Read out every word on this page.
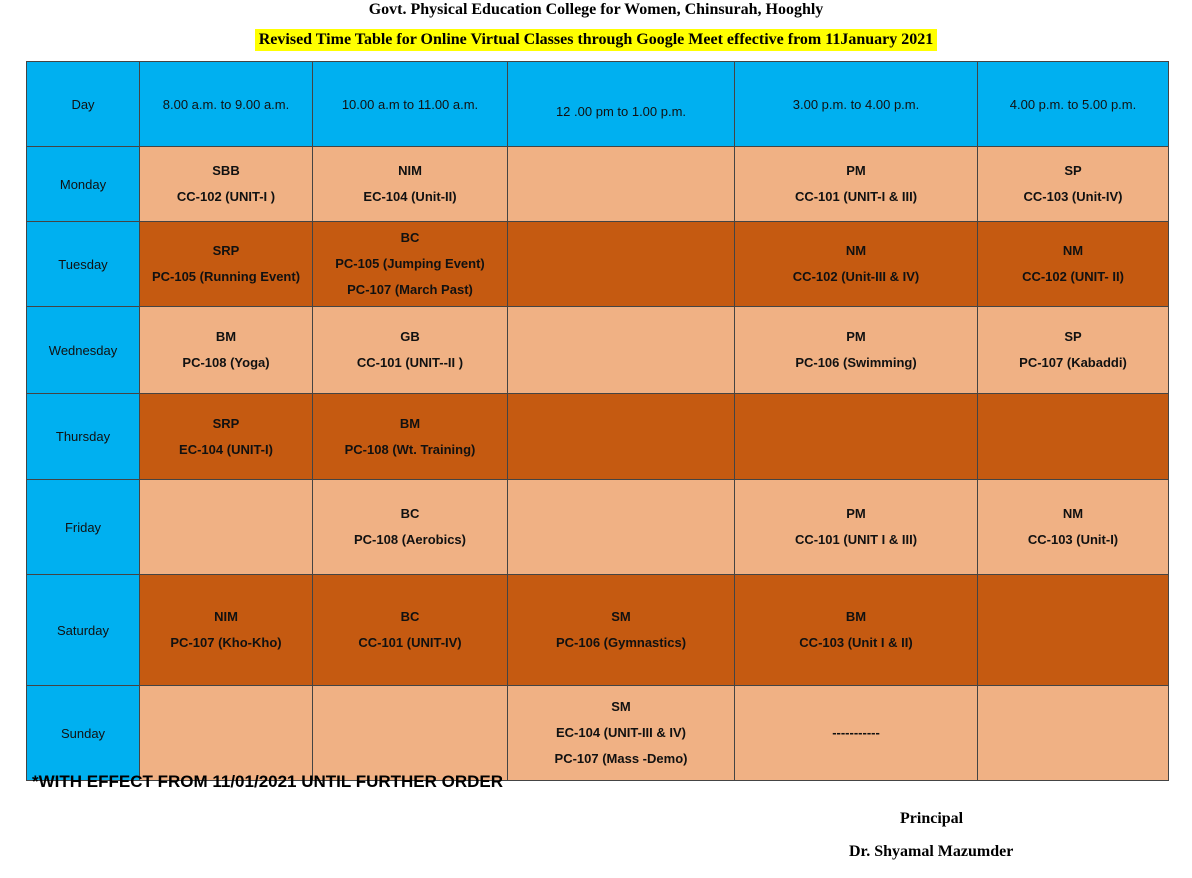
Govt. Physical Education College for Women, Chinsurah, Hooghly
Revised Time Table for Online Virtual Classes through Google Meet effective from 11January 2021
Day	8.00 a.m. to 9.00 a.m.	10.00 a.m to 11.00 a.m.	12 .00 pm to 1.00 p.m.	3.00 p.m. to 4.00 p.m.	4.00 p.m. to 5.00 p.m.
Monday	SBB
CC-102 (UNIT-I )	NIM
EC-104 (Unit-II)		PM
CC-101 (UNIT-I & III)	SP
CC-103 (Unit-IV)

Tuesday	SRP
PC-105 (Running Event)	BC
PC-105 (Jumping Event)
PC-107 (March Past)		NM
CC-102 (Unit-III & IV)	NM
CC-102 (UNIT- II)

Wednesday	BM
PC-108 (Yoga)	GB
CC-101 (UNIT--II )		PM
PC-106 (Swimming)	SP
PC-107 (Kabaddi)

Thursday	SRP
EC-104 (UNIT-I)	BM
PC-108 (Wt. Training)			

Friday		BC
PC-108 (Aerobics)		PM
CC-101 (UNIT I & III)	NM
CC-103 (Unit-I)

Saturday	NIM
PC-107 (Kho-Kho)	BC
CC-101 (UNIT-IV)	SM
PC-106 (Gymnastics)	BM
CC-103 (Unit I & II)	

Sunday			SM
EC-104 (UNIT-III & IV)
PC-107 (Mass -Demo)	-----------	

*WITH EFFECT FROM 11/01/2021 UNTIL FURTHER ORDER
Principal
Dr. Shyamal Mazumder
